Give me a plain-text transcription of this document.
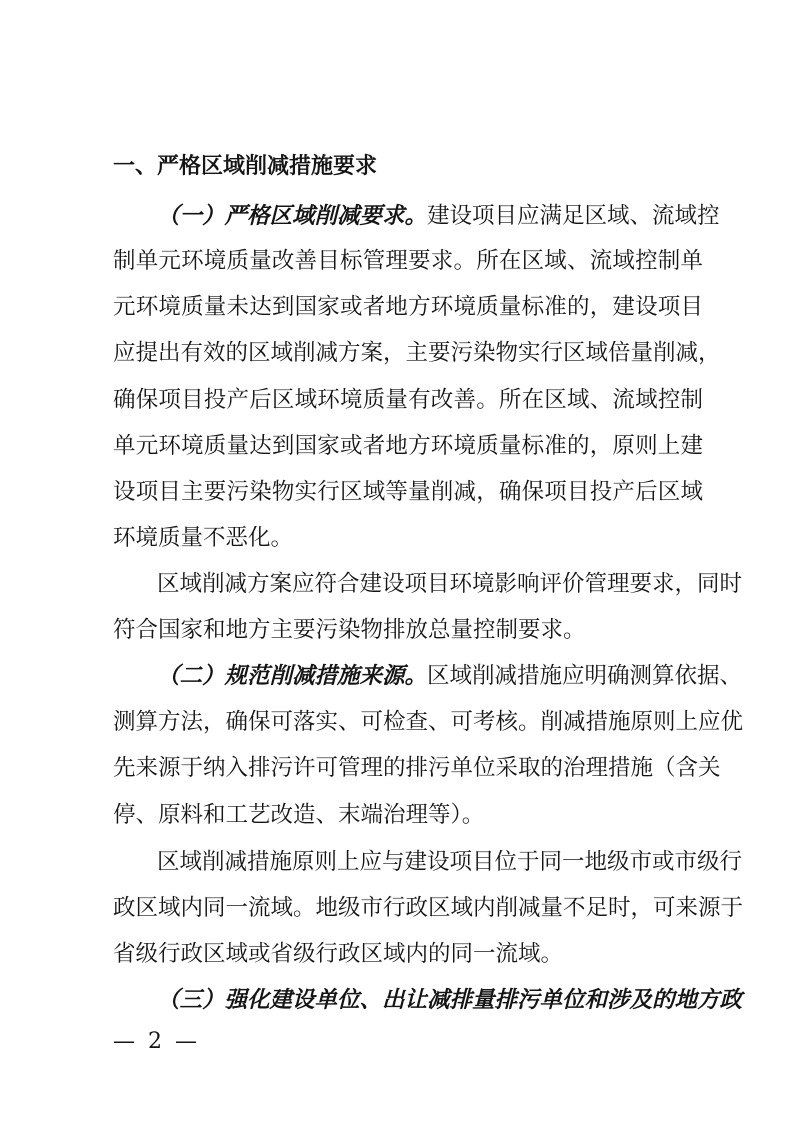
一、严格区域削减措施要求
（一）严格区域削减要求。建设项目应满足区域、流域控
制单元环境质量改善目标管理要求。所在区域、流域控制单
元环境质量未达到国家或者地方环境质量标准的，建设项目
应提出有效的区域削减方案，主要污染物实行区域倍量削减，
确保项目投产后区域环境质量有改善。所在区域、流域控制
单元环境质量达到国家或者地方环境质量标准的，原则上建
设项目主要污染物实行区域等量削减，确保项目投产后区域
环境质量不恶化。
区域削减方案应符合建设项目环境影响评价管理要求，同时
符合国家和地方主要污染物排放总量控制要求。
（二）规范削减措施来源。区域削减措施应明确测算依据、
测算方法，确保可落实、可检查、可考核。削减措施原则上应优
先来源于纳入排污许可管理的排污单位采取的治理措施（含关
停、原料和工艺改造、末端治理等）。
区域削减措施原则上应与建设项目位于同一地级市或市级行
政区域内同一流域。地级市行政区域内削减量不足时，可来源于
省级行政区域或省级行政区域内的同一流域。
（三）强化建设单位、出让减排量排污单位和涉及的地方政
— 2 —
